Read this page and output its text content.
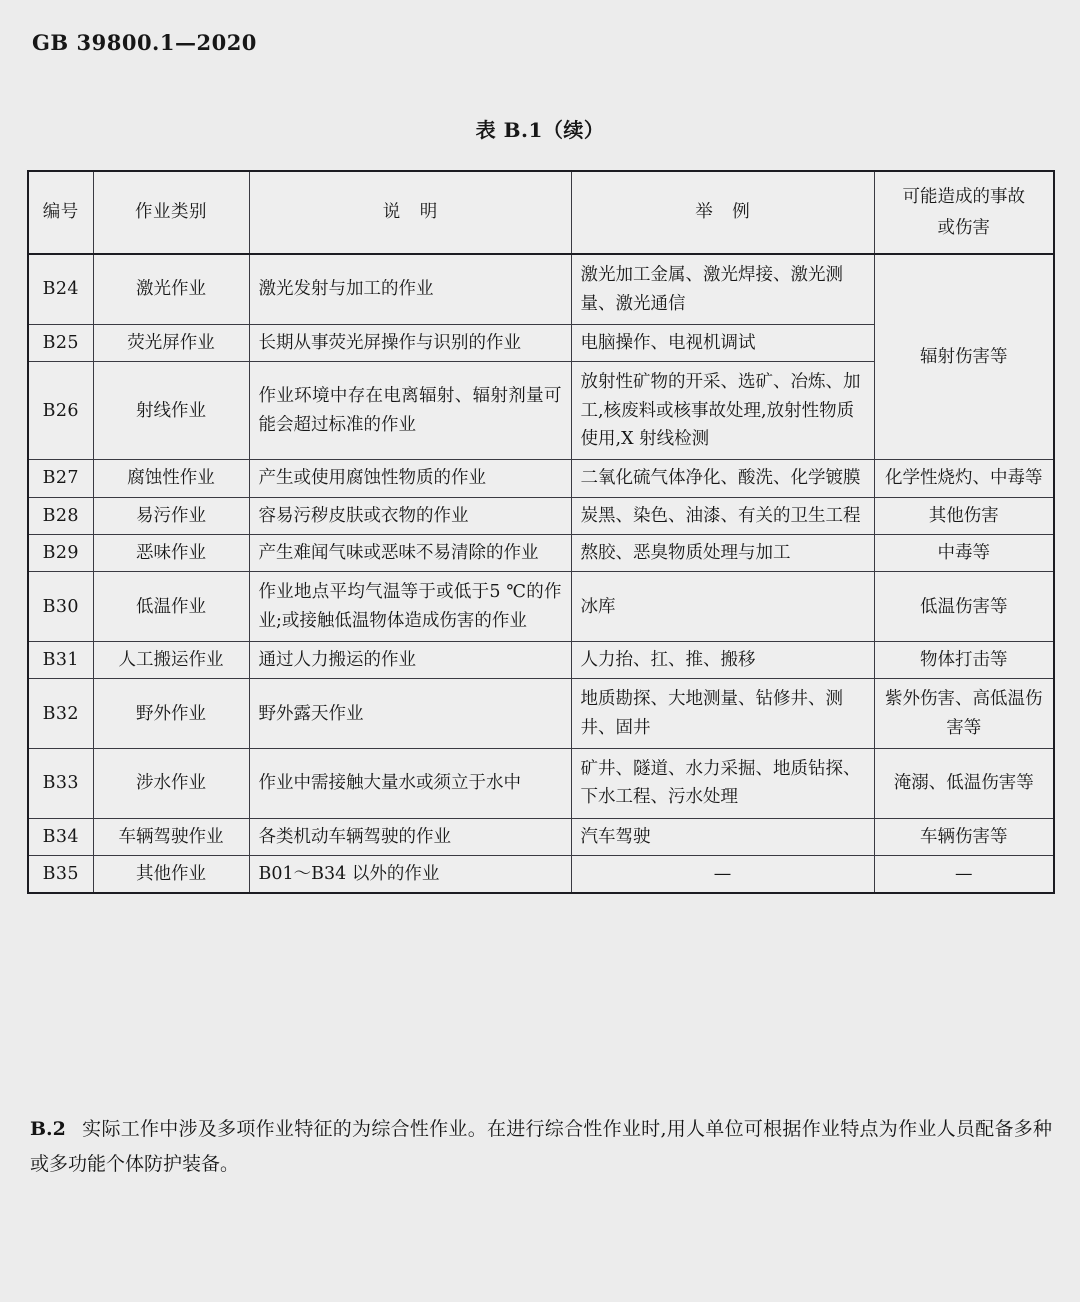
GB 39800.1—2020
表 B.1（续）
编号	作业类别	说 明	举 例	可能造成的事故
或伤害
B24	激光作业	激光发射与加工的作业	激光加工金属、激光焊接、激光测量、激光通信	辐射伤害等
B25	荧光屏作业	长期从事荧光屏操作与识别的作业	电脑操作、电视机调试	
B26	射线作业	作业环境中存在电离辐射、辐射剂量可能会超过标准的作业	放射性矿物的开采、选矿、冶炼、加工,核废料或核事故处理,放射性物质使用,X 射线检测	
B27	腐蚀性作业	产生或使用腐蚀性物质的作业	二氧化硫气体净化、酸洗、化学镀膜	化学性烧灼、中毒等
B28	易污作业	容易污秽皮肤或衣物的作业	炭黑、染色、油漆、有关的卫生工程	其他伤害
B29	恶味作业	产生难闻气味或恶味不易清除的作业	熬胶、恶臭物质处理与加工	中毒等
B30	低温作业	作业地点平均气温等于或低于5 ℃的作业;或接触低温物体造成伤害的作业	冰库	低温伤害等
B31	人工搬运作业	通过人力搬运的作业	人力抬、扛、推、搬移	物体打击等
B32	野外作业	野外露天作业	地质勘探、大地测量、钻修井、测井、固井	紫外伤害、高低温伤害等
B33	涉水作业	作业中需接触大量水或须立于水中	矿井、隧道、水力采掘、地质钻探、下水工程、污水处理	淹溺、低温伤害等
B34	车辆驾驶作业	各类机动车辆驾驶的作业	汽车驾驶	车辆伤害等
B35	其他作业	B01～B34 以外的作业	—	—
B.2 实际工作中涉及多项作业特征的为综合性作业。在进行综合性作业时,用人单位可根据作业特点为作业人员配备多种或多功能个体防护装备。
